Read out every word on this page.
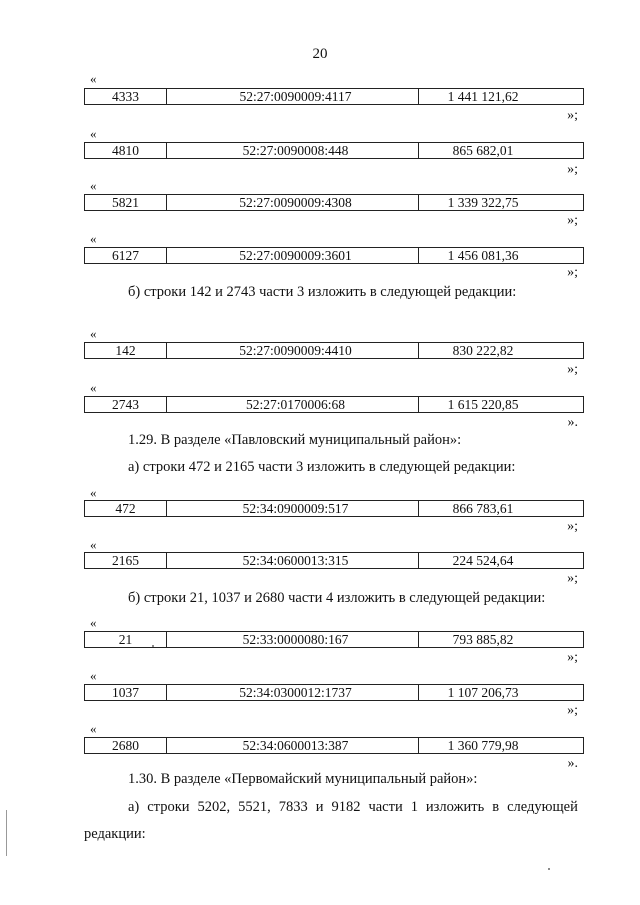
20
«
4333	52:27:0090009:4117	1 441 121,62
»;
«
4810	52:27:0090008:448	865 682,01
»;
«
5821	52:27:0090009:4308	1 339 322,75
»;
«
6127	52:27:0090009:3601	1 456 081,36
»;
б) строки 142 и 2743 части 3 изложить в следующей редакции:
«
142	52:27:0090009:4410	830 222,82
»;
«
2743	52:27:0170006:68	1 615 220,85
».
1.29. В разделе «Павловский муниципальный район»:
а) строки 472 и 2165 части 3 изложить в следующей редакции:
«
472	52:34:0900009:517	866 783,61
»;
«
2165	52:34:0600013:315	224 524,64
»;
б) строки 21, 1037 и 2680 части 4 изложить в следующей редакции:
«
21	52:33:0000080:167	793 885,82
»;
«
1037	52:34:0300012:1737	1 107 206,73
»;
«
2680	52:34:0600013:387	1 360 779,98
».
1.30. В разделе «Первомайский муниципальный район»:
а) строки 5202, 5521, 7833 и 9182 части 1 изложить в следующей
редакции:
